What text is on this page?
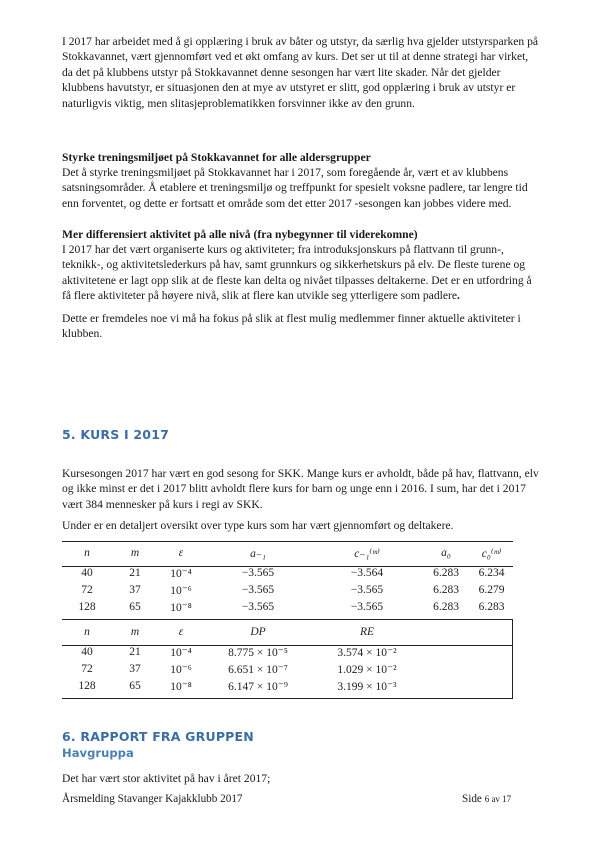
I 2017 har arbeidet med å gi opplæring i bruk av båter og utstyr, da særlig hva gjelder utstyrsparken på Stokkavannet, vært gjennomført ved et økt omfang av kurs. Det ser ut til at denne strategi har virket, da det på klubbens utstyr på Stokkavannet denne sesongen har vært lite skader. Når det gjelder klubbens havutstyr, er situasjonen den at mye av utstyret er slitt, god opplæring i bruk av utstyr er naturligvis viktig, men slitasjeproblematikken forsvinner ikke av den grunn.

Styrke treningsmiljøet på Stokkavannet for alle aldersgrupper

Det å styrke treningsmiljøet på Stokkavannet har i 2017, som foregående år, vært et av klubbens satsningsområder. Å etablere et treningsmiljø og treffpunkt for spesielt voksne padlere, tar lengre tid enn forventet, og dette er fortsatt et område som det etter 2017 -sesongen kan jobbes videre med.

Mer differensiert aktivitet på alle nivå (fra nybegynner til viderekomne)

I 2017 har det vært organiserte kurs og aktiviteter; fra introduksjonskurs på flattvann til grunn-, teknikk-, og aktivitetslederkurs på hav, samt grunnkurs og sikkerhetskurs på elv. De fleste turene og aktivitetene er lagt opp slik at de fleste kan delta og nivået tilpasses deltakerne. Det er en utfordring å få flere aktiviteter på høyere nivå, slik at flere kan utvikle seg ytterligere som padlere.

Dette er fremdeles noe vi må ha fokus på slik at flest mulig medlemmer finner aktuelle aktiviteter i klubben.

5. KURS I 2017

Kursesongen 2017 har vært en god sesong for SKK. Mange kurs er avholdt, både på hav, flattvann, elv og ikke minst er det i 2017 blitt avholdt flere kurs for barn og unge enn i 2016. I sum, har det i 2017 vært 384 mennesker på kurs i regi av SKK.

Under er en detaljert oversikt over type kurs som har vært gjennomført og deltakere.

n	m	ε	a₋₁	c₋₁⁽ᵐ⁾	a₀	c₀⁽ᵐ⁾
40	21	10⁻⁴	−3.565	−3.564	6.283	6.234
72	37	10⁻⁶	−3.565	−3.565	6.283	6.279
128	65	10⁻⁸	−3.565	−3.565	6.283	6.283
n	m	ε	DP	RE	
40	21	10⁻⁴	8.775 × 10⁻⁵	3.574 × 10⁻²	
72	37	10⁻⁶	6.651 × 10⁻⁷	1.029 × 10⁻²	
128	65	10⁻⁸	6.147 × 10⁻⁹	3.199 × 10⁻³	
6. RAPPORT FRA GRUPPEN
Havgruppa

Det har vært stor aktivitet på hav i året 2017;

Årsmelding Stavanger Kajakklubb 2017	Side 6 av 17
